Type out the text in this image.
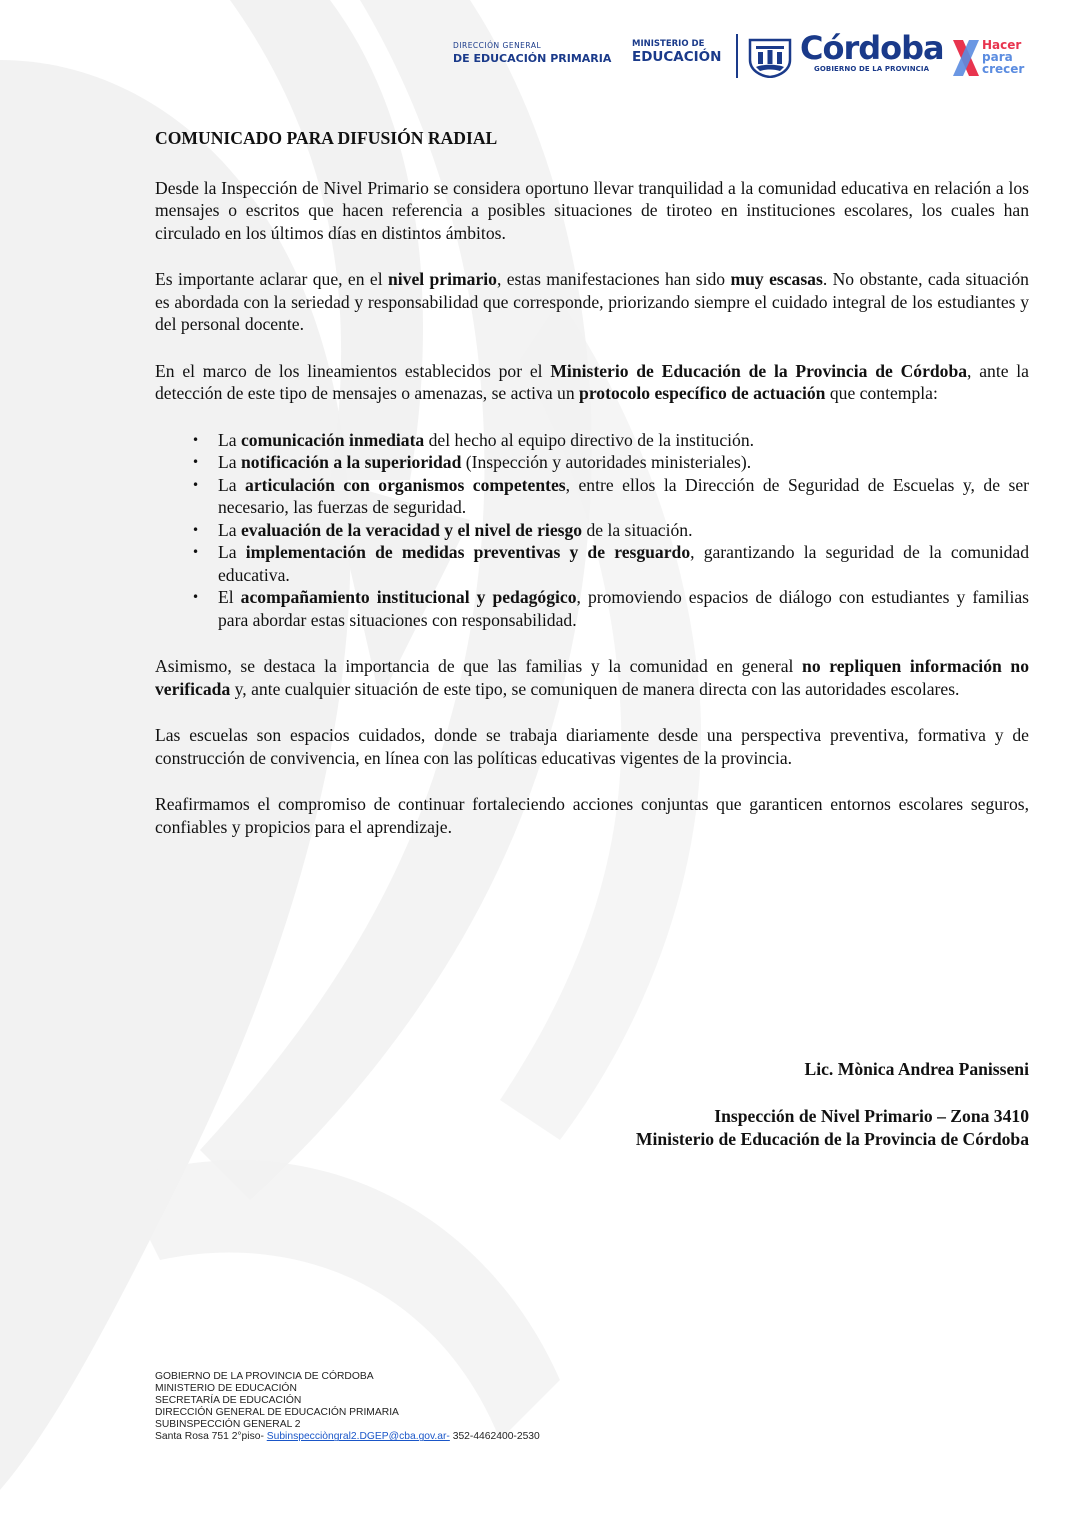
DIRECCIÓN GENERAL
DE EDUCACIÓN PRIMARIA
MINISTERIO DE
EDUCACIÓN Córdoba
GOBIERNO DE LA PROVINCIA
Hacer
para
crecer
COMUNICADO PARA DIFUSIÓN RADIAL

Desde la Inspección de Nivel Primario se considera oportuno llevar tranquilidad a la comunidad educativa en relación a los mensajes o escritos que hacen referencia a posibles situaciones de tiroteo en instituciones escolares, los cuales han circulado en los últimos días en distintos ámbitos.

Es importante aclarar que, en el nivel primario, estas manifestaciones han sido muy escasas. No obstante, cada situación es abordada con la seriedad y responsabilidad que corresponde, priorizando siempre el cuidado integral de los estudiantes y del personal docente.

En el marco de los lineamientos establecidos por el Ministerio de Educación de la Provincia de Córdoba, ante la detección de este tipo de mensajes o amenazas, se activa un protocolo específico de actuación que contempla:

• La comunicación inmediata del hecho al equipo directivo de la institución.
• La notificación a la superioridad (Inspección y autoridades ministeriales).
• La articulación con organismos competentes, entre ellos la Dirección de Seguridad de Escuelas y, de ser necesario, las fuerzas de seguridad.
• La evaluación de la veracidad y el nivel de riesgo de la situación.
• La implementación de medidas preventivas y de resguardo, garantizando la seguridad de la comunidad educativa.
• El acompañamiento institucional y pedagógico, promoviendo espacios de diálogo con estudiantes y familias para abordar estas situaciones con responsabilidad.

Asimismo, se destaca la importancia de que las familias y la comunidad en general no repliquen información no verificada y, ante cualquier situación de este tipo, se comuniquen de manera directa con las autoridades escolares.

Las escuelas son espacios cuidados, donde se trabaja diariamente desde una perspectiva preventiva, formativa y de construcción de convivencia, en línea con las políticas educativas vigentes de la provincia.

Reafirmamos el compromiso de continuar fortaleciendo acciones conjuntas que garanticen entornos escolares seguros, confiables y propicios para el aprendizaje.

Lic. Mònica Andrea Panisseni
Inspección de Nivel Primario – Zona 3410
Ministerio de Educación de la Provincia de Córdoba
GOBIERNO DE LA PROVINCIA DE CÓRDOBA
MINISTERIO DE EDUCACIÓN
SECRETARÍA DE EDUCACIÓN
DIRECCIÓN GENERAL DE EDUCACIÓN PRIMARIA
SUBINSPECCIÓN GENERAL 2
Santa Rosa 751 2°piso- Subinspecciòngral2.DGEP@cba.gov.ar- 352-4462400-2530
